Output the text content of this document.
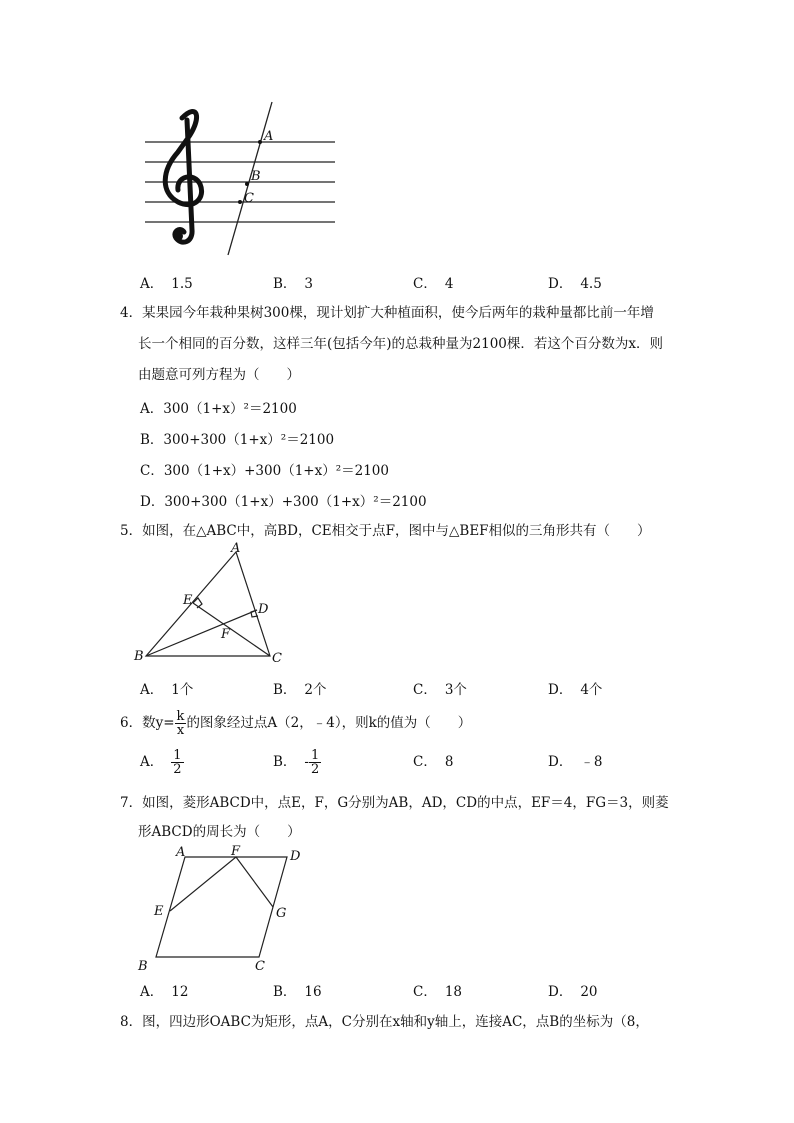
A
B
C
A． 1.5	B． 3	C． 4	D． 4.5
4．某果园今年栽种果树300棵，现计划扩大种植面积，使今后两年的栽种量都比前一年增
长一个相同的百分数，这样三年(包括今年)的总栽种量为2100棵．若这个百分数为x．则
由题意可列方程为（　　）
A．300（1+x）²＝2100
B．300+300（1+x）²＝2100
C．300（1+x）+300（1+x）²＝2100
D．300+300（1+x）+300（1+x）²＝2100
5．如图，在△ABC中，高BD，CE相交于点F，图中与△BEF相似的三角形共有（　　）
A
B	C
D
E
F
A． 1个	B． 2个	C． 3个	D． 4个
6．数$y= \frac{k}{x}$ 的图象经过点A（2，﹣4），则k的值为（　　）
A． $\frac{1}{2}$	B． - $\frac{1}{2}$	C． 8	D． ﹣8
7．如图，菱形ABCD中，点E，F，G分别为AB，AD，CD的中点，EF＝4，FG＝3，则菱
形ABCD的周长为（　　）
A	F	D
E	G
B	C
A． 12	B． 16	C． 18	D． 20
8．图，四边形OABC为矩形，点A，C分别在x轴和y轴上，连接AC，点B的坐标为（8，
